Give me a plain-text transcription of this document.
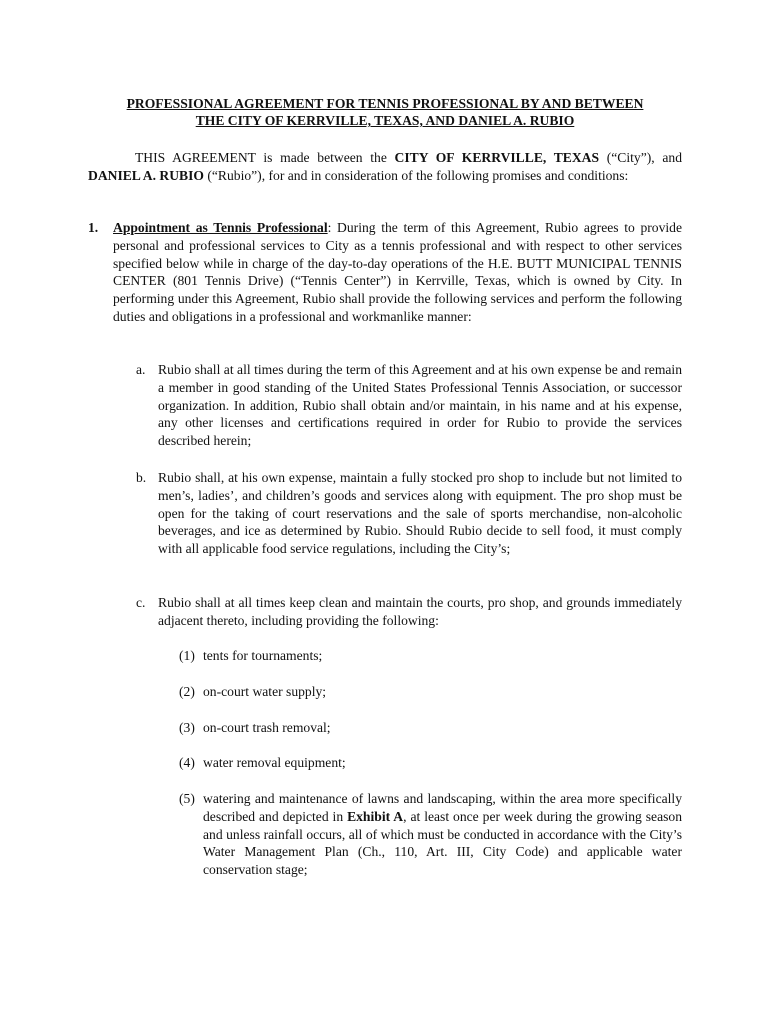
PROFESSIONAL AGREEMENT FOR TENNIS PROFESSIONAL BY AND BETWEEN
THE CITY OF KERRVILLE, TEXAS, AND DANIEL A. RUBIO
THIS AGREEMENT is made between the CITY OF KERRVILLE, TEXAS (“City”), and DANIEL A. RUBIO (“Rubio”), for and in consideration of the following promises and conditions:
1. Appointment as Tennis Professional: During the term of this Agreement, Rubio agrees to provide personal and professional services to City as a tennis professional and with respect to other services specified below while in charge of the day-to-day operations of the H.E. BUTT MUNICIPAL TENNIS CENTER (801 Tennis Drive) (“Tennis Center”) in Kerrville, Texas, which is owned by City. In performing under this Agreement, Rubio shall provide the following services and perform the following duties and obligations in a professional and workmanlike manner:
a. Rubio shall at all times during the term of this Agreement and at his own expense be and remain a member in good standing of the United States Professional Tennis Association, or successor organization. In addition, Rubio shall obtain and/or maintain, in his name and at his expense, any other licenses and certifications required in order for Rubio to provide the services described herein;
b. Rubio shall, at his own expense, maintain a fully stocked pro shop to include but not limited to men’s, ladies’, and children’s goods and services along with equipment. The pro shop must be open for the taking of court reservations and the sale of sports merchandise, non-alcoholic beverages, and ice as determined by Rubio. Should Rubio decide to sell food, it must comply with all applicable food service regulations, including the City’s;
c. Rubio shall at all times keep clean and maintain the courts, pro shop, and grounds immediately adjacent thereto, including providing the following:
(1) tents for tournaments;
(2) on-court water supply;
(3) on-court trash removal;
(4) water removal equipment;
(5) watering and maintenance of lawns and landscaping, within the area more specifically described and depicted in Exhibit A, at least once per week during the growing season and unless rainfall occurs, all of which must be conducted in accordance with the City’s Water Management Plan (Ch., 110, Art. III, City Code) and applicable water conservation stage;
